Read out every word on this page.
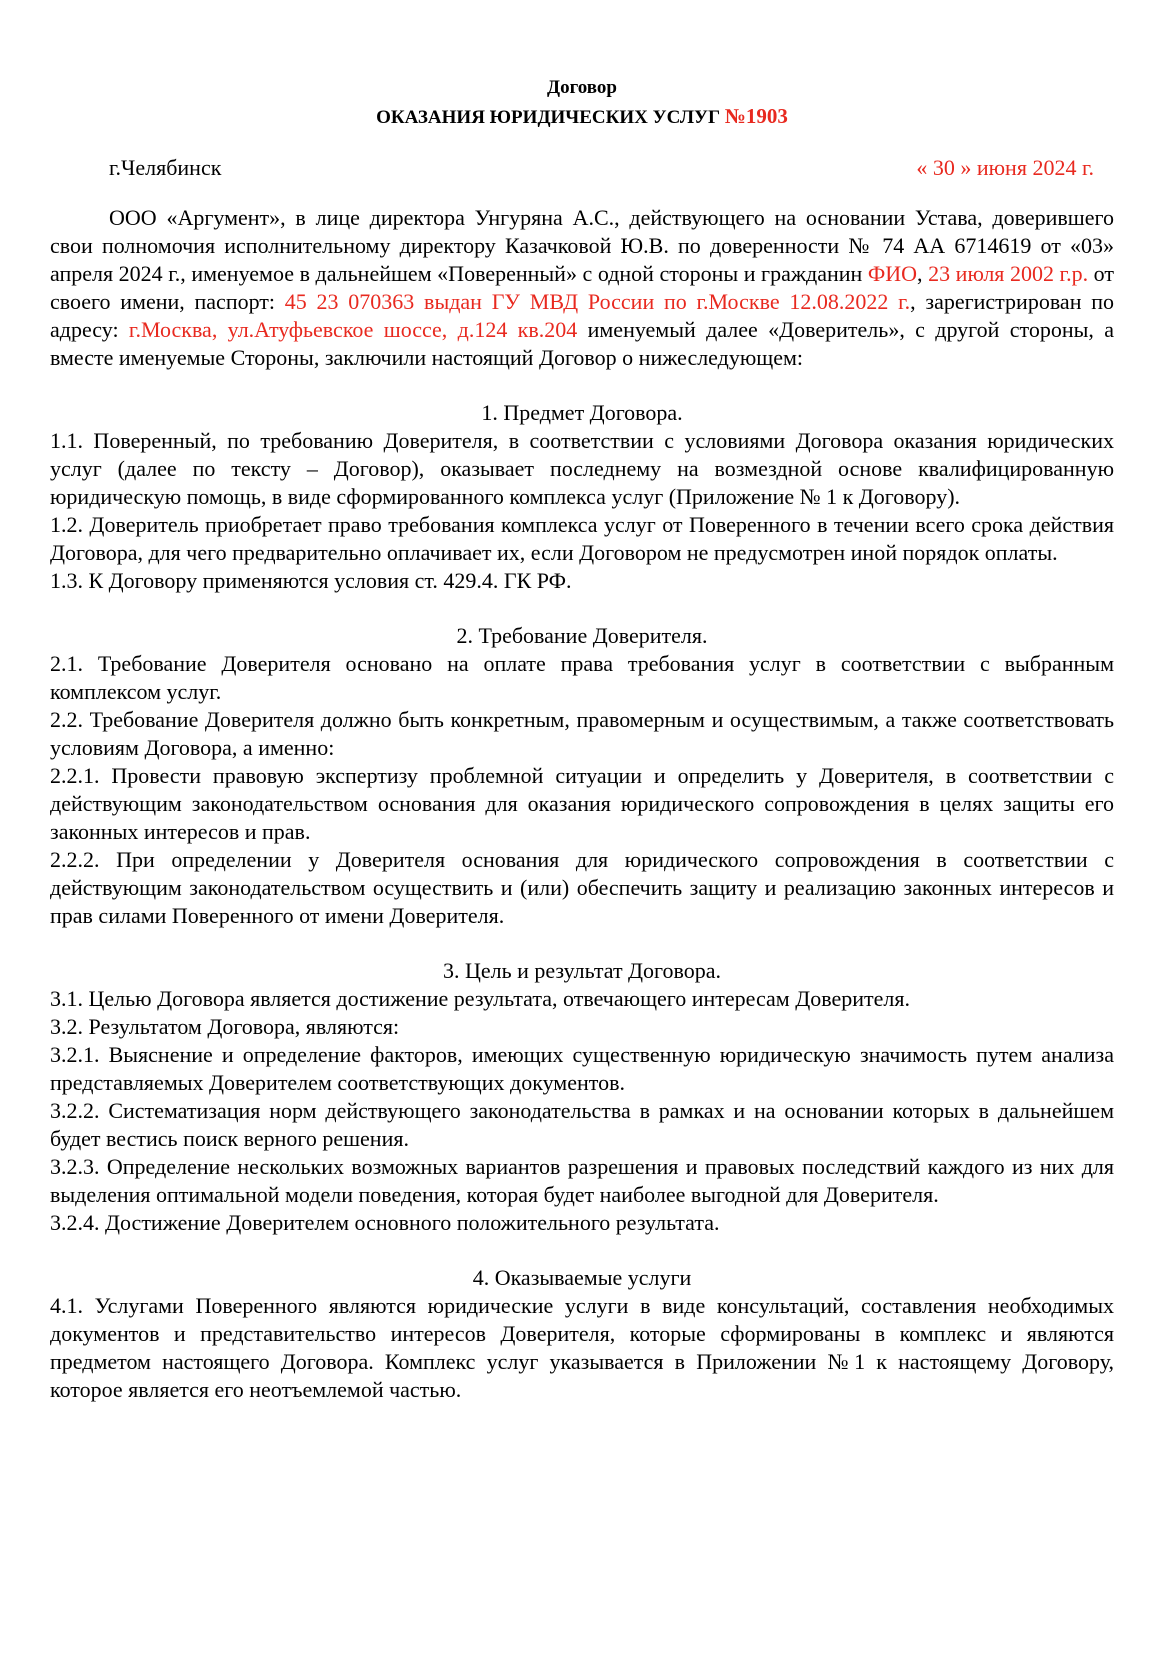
Договор

ОКАЗАНИЯ ЮРИДИЧЕСКИХ УСЛУГ №1903

г.Челябинск	« 30 » июня 2024 г.

ООО «Аргумент», в лице директора Унгуряна А.С., действующего на основании Устава, доверившего свои полномочия исполнительному директору Казачковой Ю.В. по доверенности № 74 АА 6714619 от «03» апреля 2024 г., именуемое в дальнейшем «Поверенный» с одной стороны и гражданин ФИО, 23 июля 2002 г.р. от своего имени, паспорт: 45 23 070363 выдан ГУ МВД России по г.Москве 12.08.2022 г., зарегистрирован по адресу: г.Москва, ул.Атуфьевское шоссе, д.124 кв.204 именуемый далее «Доверитель», с другой стороны, а вместе именуемые Стороны, заключили настоящий Договор о нижеследующем:

1. Предмет Договора.

1.1. Поверенный, по требованию Доверителя, в соответствии с условиями Договора оказания юридических услуг (далее по тексту – Договор), оказывает последнему на возмездной основе квалифицированную юридическую помощь, в виде сформированного комплекса услуг (Приложение № 1 к Договору).

1.2. Доверитель приобретает право требования комплекса услуг от Поверенного в течении всего срока действия Договора, для чего предварительно оплачивает их, если Договором не предусмотрен иной порядок оплаты.

1.3. К Договору применяются условия ст. 429.4. ГК РФ.

2. Требование Доверителя.

2.1. Требование Доверителя основано на оплате права требования услуг в соответствии с выбранным комплексом услуг.

2.2. Требование Доверителя должно быть конкретным, правомерным и осуществимым, а также соответствовать условиям Договора, а именно:

2.2.1. Провести правовую экспертизу проблемной ситуации и определить у Доверителя, в соответствии с действующим законодательством основания для оказания юридического сопровождения в целях защиты его законных интересов и прав.

2.2.2. При определении у Доверителя основания для юридического сопровождения в соответствии с действующим законодательством осуществить и (или) обеспечить защиту и реализацию законных интересов и прав силами Поверенного от имени Доверителя.

3. Цель и результат Договора.

3.1. Целью Договора является достижение результата, отвечающего интересам Доверителя.

3.2. Результатом Договора, являются:

3.2.1. Выяснение и определение факторов, имеющих существенную юридическую значимость путем анализа представляемых Доверителем соответствующих документов.

3.2.2. Систематизация норм действующего законодательства в рамках и на основании которых в дальнейшем будет вестись поиск верного решения.

3.2.3. Определение нескольких возможных вариантов разрешения и правовых последствий каждого из них для выделения оптимальной модели поведения, которая будет наиболее выгодной для Доверителя.

3.2.4. Достижение Доверителем основного положительного результата.

4. Оказываемые услуги

4.1. Услугами Поверенного являются юридические услуги в виде консультаций, составления необходимых документов и представительство интересов Доверителя, которые сформированы в комплекс и являются предметом настоящего Договора. Комплекс услуг указывается в Приложении №1 к настоящему Договору, которое является его неотъемлемой частью.
